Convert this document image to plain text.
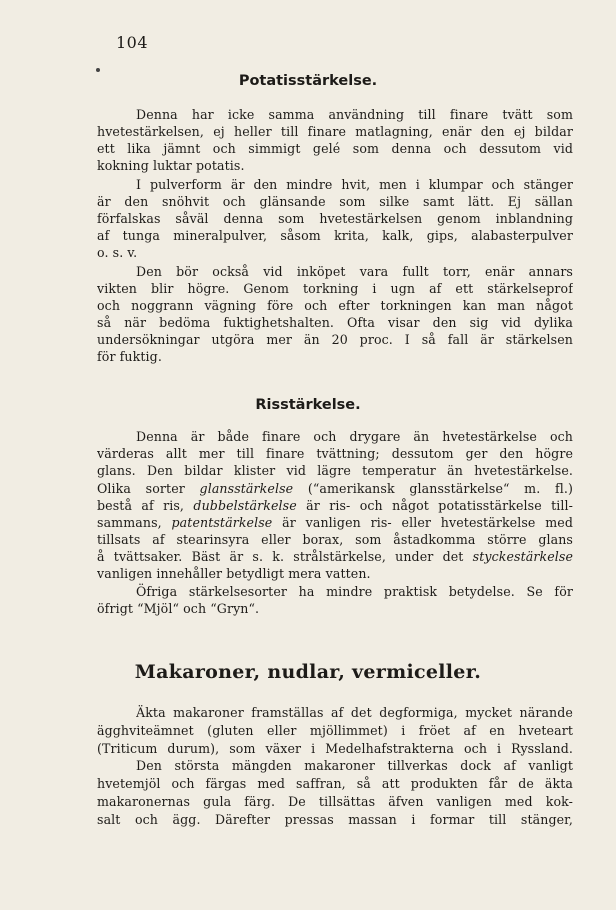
104
Potatisstärkelse.

Denna har icke samma användning till finare tvätt som

hvetestärkelsen, ej heller till finare matlagning, enär den ej bildar

ett lika jämnt och simmigt gelé som denna och dessutom vid

kokning luktar potatis.

I pulverform är den mindre hvit, men i klumpar och stänger

är den snöhvit och glänsande som silke samt lätt. Ej sällan

förfalskas såväl denna som hvetestärkelsen genom inblandning

af tunga mineralpulver, såsom krita, kalk, gips, alabasterpulver

o. s. v.

Den bör också vid inköpet vara fullt torr, enär annars

vikten blir högre. Genom torkning i ugn af ett stärkelseprof

och noggrann vägning före och efter torkningen kan man något

så när bedöma fuktighetshalten. Ofta visar den sig vid dylika

undersökningar utgöra mer än 20 proc. I så fall är stärkelsen

för fuktig.

Risstärkelse.

Denna är både finare och drygare än hvetestärkelse och

värderas allt mer till finare tvättning; dessutom ger den högre

glans. Den bildar klister vid lägre temperatur än hvetestärkelse.

Olika sorter glansstärkelse (“amerikansk glansstärkelse“ m. fl.)

bestå af ris, dubbelstärkelse är ris- och något potatisstärkelse till-

sammans, patentstärkelse är vanligen ris- eller hvetestärkelse med

tillsats af stearinsyra eller borax, som åstadkomma större glans

å tvättsaker. Bäst är s. k. strålstärkelse, under det styckestärkelse

vanligen innehåller betydligt mera vatten.

Öfriga stärkelsesorter ha mindre praktisk betydelse. Se för

öfrigt “Mjöl“ och “Gryn“.

Makaroner, nudlar, vermiceller.

Äkta makaroner framställas af det degformiga, mycket närande

ägghviteämnet (gluten eller mjöllimmet) i fröet af en hveteart

(Triticum durum), som växer i Medelhafstrakterna och i Ryssland.

Den största mängden makaroner tillverkas dock af vanligt

hvetemjöl och färgas med saffran, så att produkten får de äkta

makaronernas gula färg. De tillsättas äfven vanligen med kok-

salt och ägg. Därefter pressas massan i formar till stänger,
